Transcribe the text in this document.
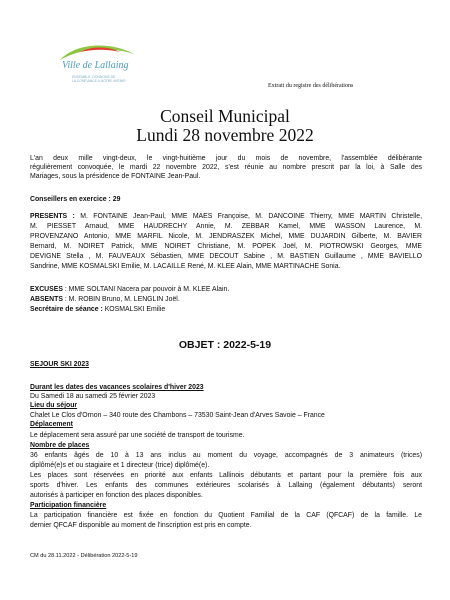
Ville de Lallaing
ENSEMBLE, DONNONS DE
LA CONFIANCE A NOTRE AVENIR
Extrait du registre des délibérations
Conseil Municipal
Lundi 28 novembre 2022
L'an deux mille vingt-deux, le vingt-huitième jour du mois de novembre, l'assemblée délibérante
régulièrement convoquée, le mardi 22 novembre 2022, s'est réunie au nombre prescrit par la loi, à Salle des
Mariages, sous la présidence de FONTAINE Jean-Paul.
Conseillers en exercice : 29
PRESENTS : M. FONTAINE Jean-Paul, MME MAES Françoise, M. DANCOINE Thierry, MME MARTIN Christelle,
M. PIESSET Arnaud, MME HAUDRECHY Annie, M. ZEBBAR Kamel, MME WASSON Laurence, M.
PROVENZANO Antonio, MME MARFIL Nicole, M. JENDRASZEK Michel, MME DUJARDIN Gilberte, M. BAVIER
Bernard, M. NOIRET Patrick, MME NOIRET Christiane, M. POPEK Joël, M. PIOTROWSKI Georges, MME
DEVIGNE Stella , M. FAUVEAUX Sébastien, MME DECOUT Sabine , M. BASTIEN Guillaume , MME BAVIELLO
Sandrine, MME KOSMALSKI Emilie, M. LACAILLE René, M. KLEE Alain, MME MARTINACHE Sonia.
EXCUSES : MME SOLTANI Nacera par pouvoir à M. KLEE Alain.
ABSENTS : M. ROBIN Bruno, M. LENGLIN Joël.
Secrétaire de séance : KOSMALSKI Emilie
OBJET : 2022-5-19
SEJOUR SKI 2023
Durant les dates des vacances scolaires d'hiver 2023
Du Samedi 18 au samedi 25 février 2023
Lieu du séjour
Chalet Le Clos d'Ornon – 340 route des Chambons – 73530 Saint-Jean d'Arves Savoie – France
Déplacement
Le déplacement sera assuré par une société de transport de tourisme.
Nombre de places
36 enfants âgés de 10 à 13 ans inclus au moment du voyage, accompagnés de 3 animateurs (trices)
diplômé(e)s et ou stagiaire et 1 directeur (trice) diplômé(e).
Les places sont réservées en priorité aux enfants Lallinois débutants et partant pour la première fois aux
sports d'hiver. Les enfants des communes extérieures scolarisés à Lallaing (également débutants) seront
autorisés à participer en fonction des places disponibles.
Participation financière
La participation financière est fixée en fonction du Quotient Familial de la CAF (QFCAF) de la famille. Le
dernier QFCAF disponible au moment de l'inscription est pris en compte.
CM du 28.11.2022 - Délibération 2022-5-19
